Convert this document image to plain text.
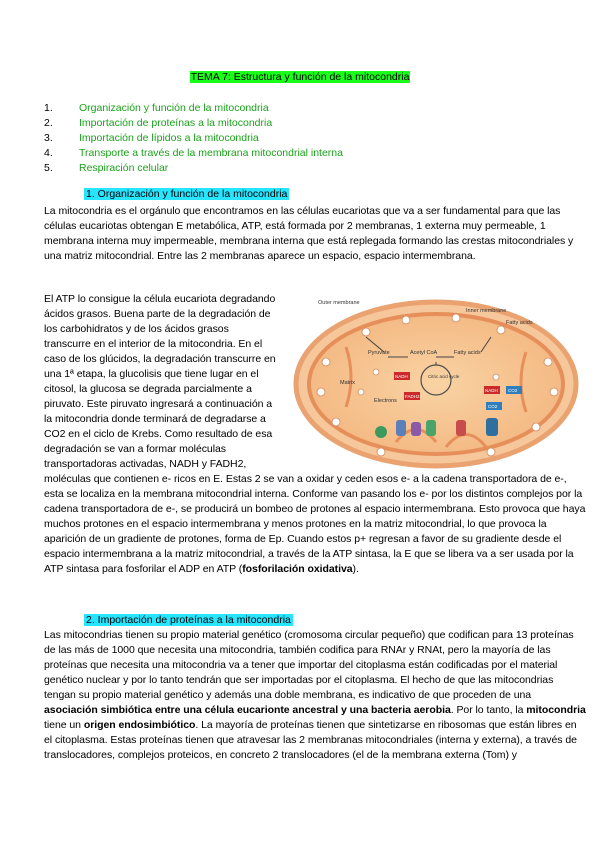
TEMA 7: Estructura y función de la mitocondria
1.	Organización y función de la mitocondria
2.	Importación de proteínas a la mitocondria
3.	Importación de lípidos a la mitocondria
4.	Transporte a través de la membrana mitocondrial interna
5.	Respiración celular
1. Organización y función de la mitocondria
La mitocondria es el orgánulo que encontramos en las células eucariotas que va a ser fundamental para que las células eucariotas obtengan E metabólica, ATP, está formada por 2 membranas, 1 externa muy permeable, 1 membrana interna muy impermeable, membrana interna que está replegada formando las crestas mitocondriales y una matriz mitocondrial. Entre las 2 membranas aparece un espacio, espacio intermembrana.
El ATP lo consigue la célula eucariota degradando ácidos grasos. Buena parte de la degradación de los carbohidratos y de los ácidos grasos transcurre en el interior de la mitocondria. En el caso de los glúcidos, la degradación transcurre en una 1ª etapa, la glucolisis que tiene lugar en el citosol, la glucosa se degrada parcialmente a piruvato. Este piruvato ingresará a continuación a la mitocondria donde terminará de degradarse a CO2 en el ciclo de Krebs. Como resultado de esa degradación se van a formar moléculas transportadoras activadas, NADH y FADH2,
Outer membrane
Inner membrane
Fatty acids
Pyruvate	Acetyl CoA	Fatty acids
Citric acid cycle
NADH
NADH CO2
FADH2
CO2
Matrix
Electrons
moléculas que contienen e- ricos en E. Estas 2 se van a oxidar y ceden esos e- a la cadena transportadora de e-, esta se localiza en la membrana mitocondrial interna. Conforme van pasando los e- por los distintos complejos por la cadena transportadora de e-, se producirá un bombeo de protones al espacio intermembrana. Esto provoca que haya muchos protones en el espacio intermembrana y menos protones en la matriz mitocondrial, lo que provoca la aparición de un gradiente de protones, forma de Ep. Cuando estos p+ regresan a favor de su gradiente desde el espacio intermembrana a la matriz mitocondrial, a través de la ATP sintasa, la E que se libera va a ser usada por la ATP sintasa para fosforilar el ADP en ATP (fosforilación oxidativa).
2. Importación de proteínas a la mitocondria
Las mitocondrias tienen su propio material genético (cromosoma circular pequeño) que codifican para 13 proteínas de las más de 1000 que necesita una mitocondria, también codifica para RNAr y RNAt, pero la mayoría de las proteínas que necesita una mitocondria va a tener que importar del citoplasma están codificadas por el material genético nuclear y por lo tanto tendrán que ser importadas por el citoplasma. El hecho de que las mitocondrias tengan su propio material genético y además una doble membrana, es indicativo de que proceden de una asociación simbiótica entre una célula eucarionte ancestral y una bacteria aerobia. Por lo tanto, la mitocondria tiene un origen endosimbiótico. La mayoría de proteínas tienen que sintetizarse en ribosomas que están libres en el citoplasma. Estas proteínas tienen que atravesar las 2 membranas mitocondriales (interna y externa), a través de translocadores, complejos proteicos, en concreto 2 translocadores (el de la membrana externa (Tom) y
